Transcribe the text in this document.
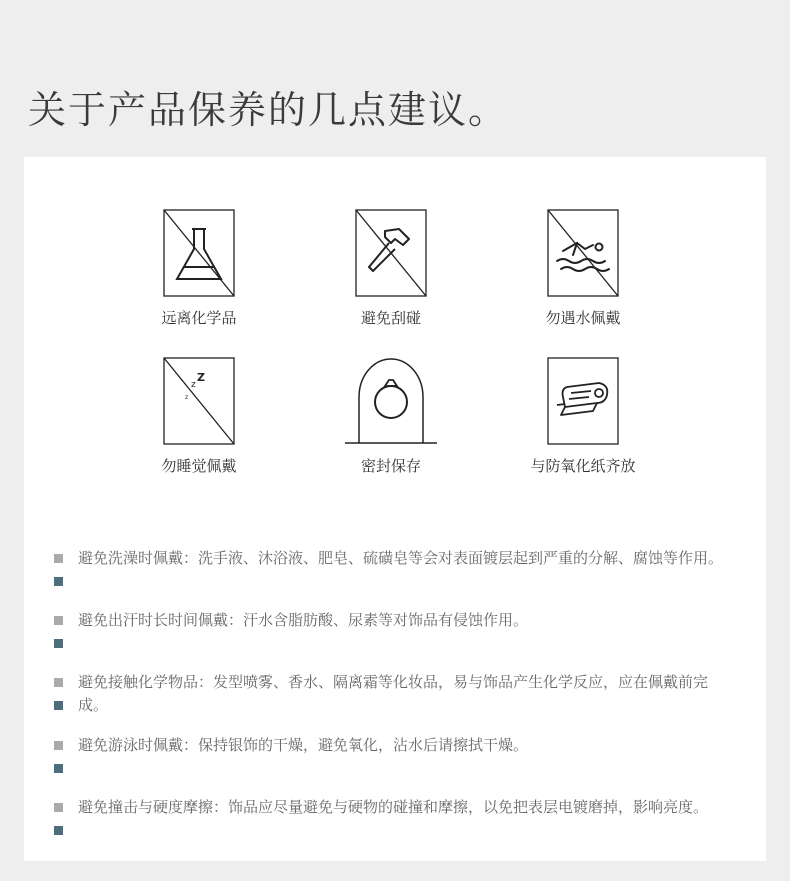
关于产品保养的几点建议。
远离化学品	避免刮碰	勿遇水佩戴
z
Z
z
勿睡觉佩戴	密封保存	与防氧化纸齐放
避免洗澡时佩戴：洗手液、沐浴液、肥皂、硫磺皂等会对表面镀层起到严重的分解、腐蚀等作用。
避免出汗时长时间佩戴：汗水含脂肪酸、尿素等对饰品有侵蚀作用。
避免接触化学物品：发型喷雾、香水、隔离霜等化妆品，易与饰品产生化学反应，应在佩戴前完成。
避免游泳时佩戴：保持银饰的干燥，避免氧化，沾水后请擦拭干燥。
避免撞击与硬度摩擦：饰品应尽量避免与硬物的碰撞和摩擦，以免把表层电镀磨掉，影响亮度。
